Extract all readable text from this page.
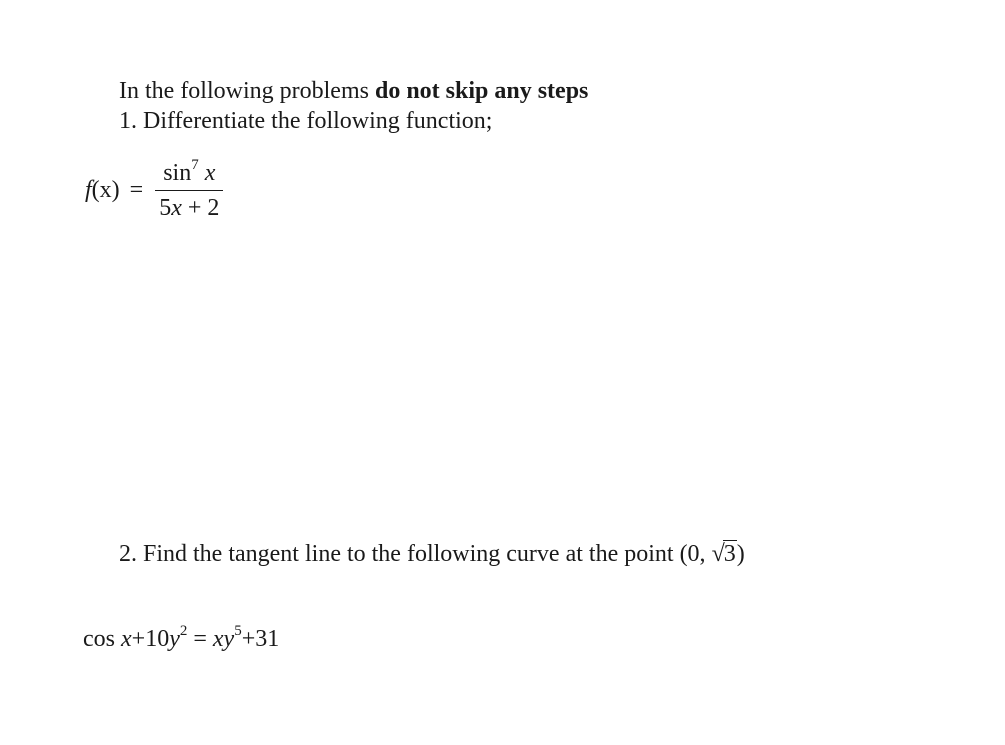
In the following problems do not skip any steps
1. Differentiate the following function;
$f(x) = \frac{\sin^7 x}{5x + 2}$
2. Find the tangent line to the following curve at the point (0, √3)
$\cos x+10y^2 = xy^5+31$
